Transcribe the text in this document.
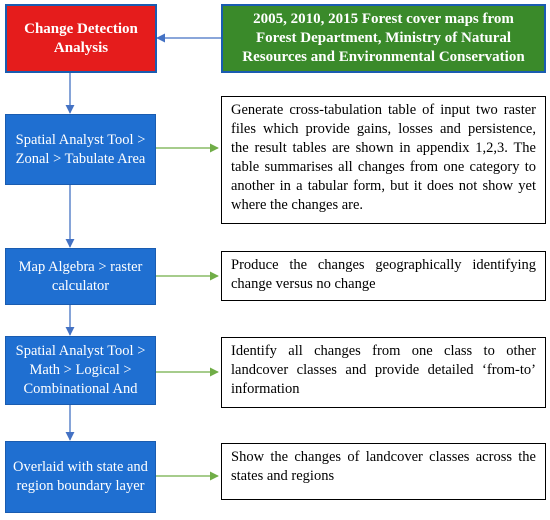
Change Detection Analysis
2005, 2010, 2015 Forest cover maps from Forest Department, Ministry of Natural Resources and Environmental Conservation
Spatial Analyst Tool > Zonal > Tabulate Area
Generate cross-tabulation table of input two raster files which provide gains, losses and persistence, the result tables are shown in appendix 1,2,3. The table summarises all changes from one category to another in a tabular form, but it does not show yet where the changes are.
Map Algebra > raster calculator
Produce the changes geographically identifying change versus no change
Spatial Analyst Tool > Math > Logical > Combinational And
Identify all changes from one class to other landcover classes and provide detailed ‘from-to’ information
Overlaid with state and region boundary layer
Show the changes of landcover classes across the states and regions
